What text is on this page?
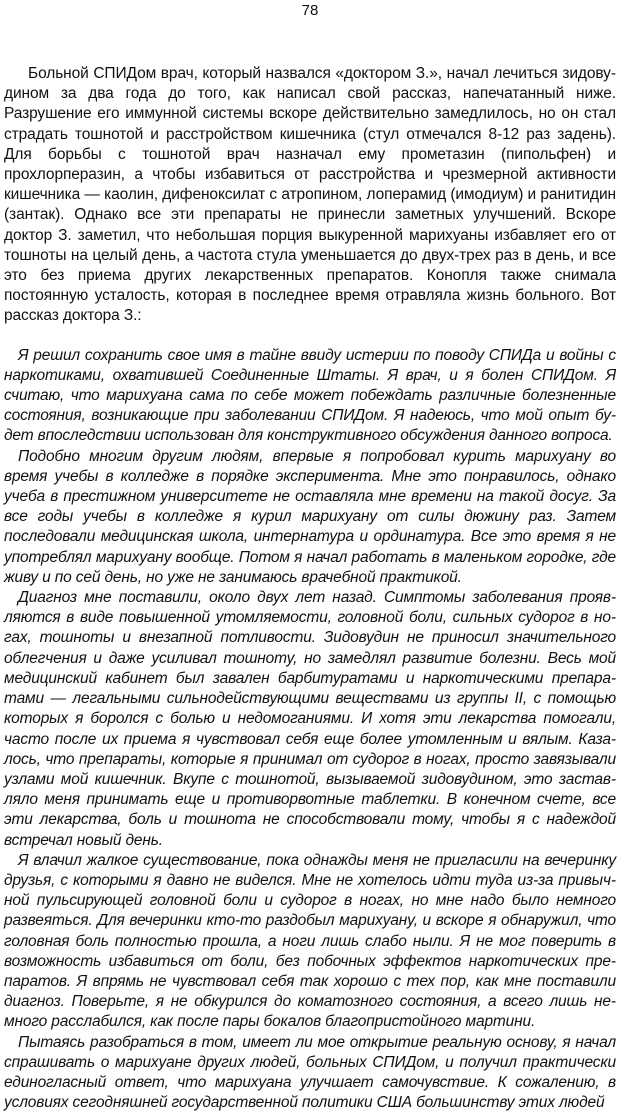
78

Больной СПИДом врач, который назвался «доктором З.», начал лечиться зидовудином за два года до того, как написал свой рассказ, напечатанный ниже. Разрушение его иммунной системы вскоре действительно замедлилось, но он стал страдать тошнотой и расстройством кишечника (стул отмечался 8-12 раз задень). Для борьбы с тошнотой врач назначал ему прометазин (пипольфен) и прохлорперазин, а чтобы избавиться от расстройства и чрезмерной активности кишечника — каолин, дифеноксилат с атропином, лоперамид (имодиум) и ранитидин (зантак). Однако все эти препараты не принесли заметных улучшений. Вскоре доктор З. заметил, что небольшая порция выкуренной марихуаны избавляет его от тошноты на целый день, а частота стула уменьшается до двух-трех раз в день, и все это без приема других лекарственных препаратов. Конопля также снимала постоянную усталость, которая в последнее время отравляла жизнь больного. Вот рассказ доктора З.:

Я решил сохранить свое имя в тайне ввиду истерии по поводу СПИДа и войны с наркотиками, охватившей Соединенные Штаты. Я врач, и я болен СПИДом. Я считаю, что марихуана сама по себе может побеждать различные болезненные состояния, возникающие при заболевании СПИДом. Я надеюсь, что мой опыт будет впоследствии использован для конструктивного обсуждения данного вопроса.

Подобно многим другим людям, впервые я попробовал курить марихуану во время учебы в колледже в порядке эксперимента. Мне это понравилось, однако учеба в престижном университете не оставляла мне времени на такой досуг. За все годы учебы в колледже я курил марихуану от силы дюжину раз. Затем последовали медицинская школа, интернатура и ординатура. Все это время я не употреблял марихуану вообще. Потом я начал работать в маленьком городке, где живу и по сей день, но уже не занимаюсь врачебной практикой.

Диагноз мне поставили, около двух лет назад. Симптомы заболевания проявляются в виде повышенной утомляемости, головной боли, сильных судорог в ногах, тошноты и внезапной потливости. Зидовудин не приносил значительного облегчения и даже усиливал тошноту, но замедлял развитие болезни. Весь мой медицинский кабинет был завален барбитуратами и наркотическими препаратами — легальными сильнодействующими веществами из группы II, с помощью которых я боролся с болью и недомоганиями. И хотя эти лекарства помогали, часто после их приема я чувствовал себя еще более утомленным и вялым. Казалось, что препараты, которые я принимал от судорог в ногах, просто завязывали узлами мой кишечник. Вкупе с тошнотой, вызываемой зидовудином, это заставляло меня принимать еще и противорвотные таблетки. В конечном счете, все эти лекарства, боль и тошнота не способствовали тому, чтобы я с надеждой встречал новый день.

Я влачил жалкое существование, пока однажды меня не пригласили на вечеринку друзья, с которыми я давно не виделся. Мне не хотелось идти туда из-за привычной пульсирующей головной боли и судорог в ногах, но мне надо было немного развеяться. Для вечеринки кто-то раздобыл марихуану, и вскоре я обнаружил, что головная боль полностью прошла, а ноги лишь слабо ныли. Я не мог поверить в возможность избавиться от боли, без побочных эффектов наркотических препаратов. Я впрямь не чувствовал себя так хорошо с тех пор, как мне поставили диагноз. Поверьте, я не обкурился до коматозного состояния, а всего лишь немного расслабился, как после пары бокалов благопристойного мартини.

Пытаясь разобраться в том, имеет ли мое открытие реальную основу, я начал спрашивать о марихуане других людей, больных СПИДом, и получил практически единогласный ответ, что марихуана улучшает самочувствие. К сожалению, в условиях сегодняшней государственной политики США большинству этих людей
